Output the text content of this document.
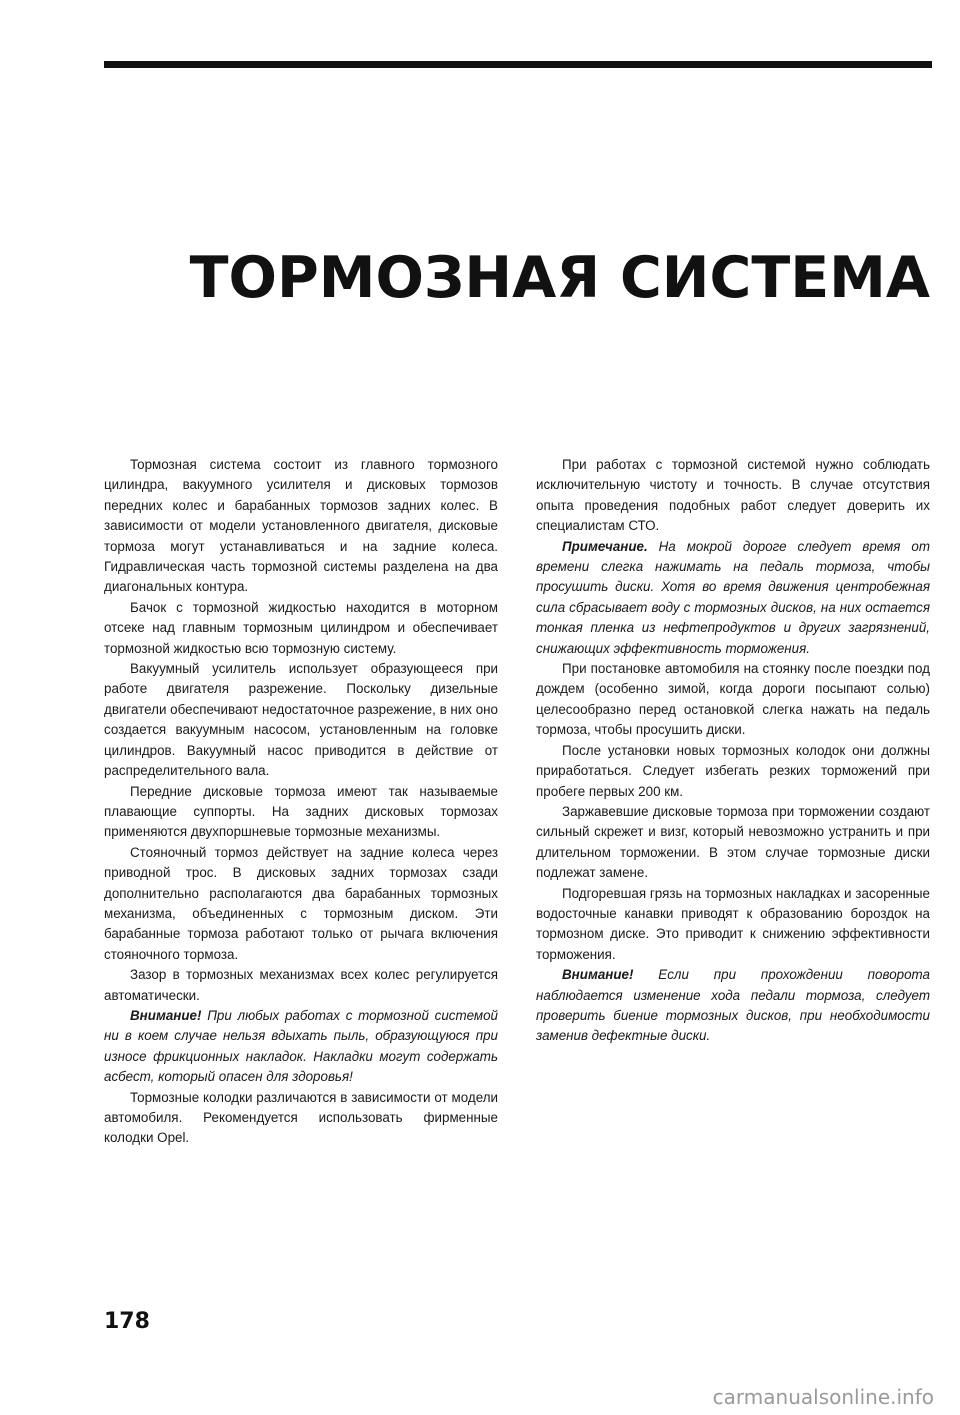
ТОРМОЗНАЯ СИСТЕМА

Тормозная система состоит из главного тормозного цилиндра, вакуумного усилителя и дисковых тормозов передних колес и барабанных тормозов задних колес. В зависимости от модели установленного двигателя, дисковые тормоза могут устанавливаться и на задние колеса. Гидравлическая часть тормозной системы разделена на два диагональных контура.

Бачок с тормозной жидкостью находится в моторном отсеке над главным тормозным цилиндром и обеспечивает тормозной жидкостью всю тормозную систему.

Вакуумный усилитель использует образующееся при работе двигателя разрежение. Поскольку дизельные двигатели обеспечивают недостаточное разрежение, в них оно создается вакуумным насосом, установленным на головке цилиндров. Вакуумный насос приводится в действие от распределительного вала.

Передние дисковые тормоза имеют так называемые плавающие суппорты. На задних дисковых тормозах применяются двухпоршневые тормозные механизмы.

Стояночный тормоз действует на задние колеса через приводной трос. В дисковых задних тормозах сзади дополнительно располагаются два барабанных тормозных механизма, объединенных с тормозным диском. Эти барабанные тормоза работают только от рычага включения стояночного тормоза.

Зазор в тормозных механизмах всех колес регулируется автоматически.

Внимание! При любых работах с тормозной системой ни в коем случае нельзя вдыхать пыль, образующуюся при износе фрикционных накладок. Накладки могут содержать асбест, который опасен для здоровья!

Тормозные колодки различаются в зависимости от модели автомобиля. Рекомендуется использовать фирменные колодки Opel.

При работах с тормозной системой нужно соблюдать исключительную чистоту и точность. В случае отсутствия опыта проведения подобных работ следует доверить их специалистам СТО.

Примечание. На мокрой дороге следует время от времени слегка нажимать на педаль тормоза, чтобы просушить диски. Хотя во время движения центробежная сила сбрасывает воду с тормозных дисков, на них остается тонкая пленка из нефтепродуктов и других загрязнений, снижающих эффективность торможения.

При постановке автомобиля на стоянку после поездки под дождем (особенно зимой, когда дороги посыпают солью) целесообразно перед остановкой слегка нажать на педаль тормоза, чтобы просушить диски.

После установки новых тормозных колодок они должны приработаться. Следует избегать резких торможений при пробеге первых 200 км.

Заржавевшие дисковые тормоза при торможении создают сильный скрежет и визг, который невозможно устранить и при длительном торможении. В этом случае тормозные диски подлежат замене.

Подгоревшая грязь на тормозных накладках и засоренные водосточные канавки приводят к образованию бороздок на тормозном диске. Это приводит к снижению эффективности торможения.

Внимание! Если при прохождении поворота наблюдается изменение хода педали тормоза, следует проверить биение тормозных дисков, при необходимости заменив дефектные диски.

178
carmanualsonline.info
